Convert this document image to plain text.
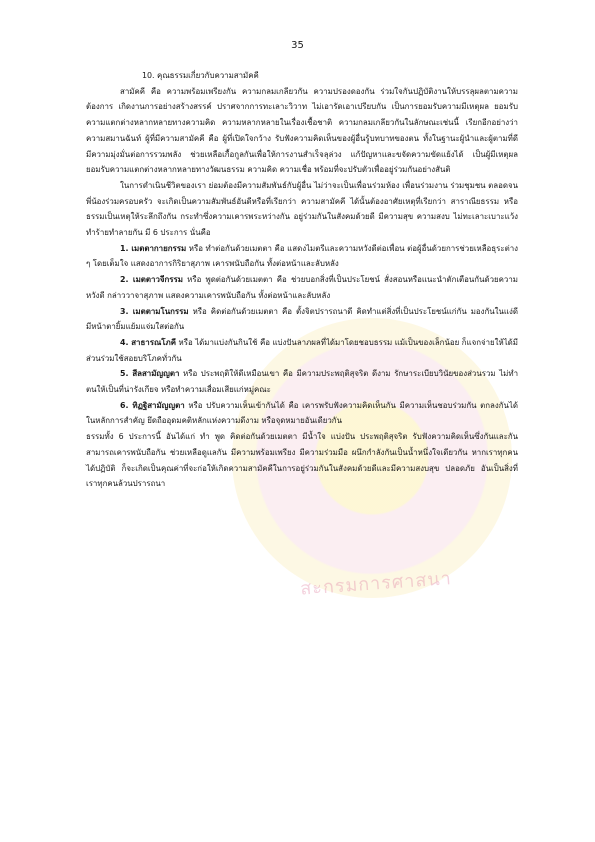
สะกรมการศาสนา
35

10. คุณธรรมเกี่ยวกับความสามัคคี

สามัคคี คือ ความพร้อมเพรียงกัน ความกลมเกลียวกัน ความปรองดองกัน ร่วมใจกันปฏิบัติงานให้บรรลุผลตามความต้องการ เกิดงานการอย่างสร้างสรรค์ ปราศจากการทะเลาะวิวาท ไม่เอารัดเอาเปรียบกัน เป็นการยอมรับความมีเหตุผล ยอมรับความแตกต่างหลากหลายทางความคิด ความหลากหลายในเรื่องเชื้อชาติ ความกลมเกลียวกันในลักษณะเช่นนี้ เรียกอีกอย่างว่าความสมานฉันท์ ผู้ที่มีความสามัคคี คือ ผู้ที่เปิดใจกว้าง รับฟังความคิดเห็นของผู้อื่นรู้บทบาทของตน ทั้งในฐานะผู้นำและผู้ตามที่ดี มีความมุ่งมั่นต่อการรวมพลัง ช่วยเหลือเกื้อกูลกันเพื่อให้การงานสำเร็จลุล่วง แก้ปัญหาและขจัดความขัดแย้งได้ เป็นผู้มีเหตุผล ยอมรับความแตกต่างหลากหลายทางวัฒนธรรม ความคิด ความเชื่อ พร้อมที่จะปรับตัวเพื่ออยู่ร่วมกันอย่างสันติ

ในการดำเนินชีวิตของเรา ย่อมต้องมีความสัมพันธ์กับผู้อื่น ไม่ว่าจะเป็นเพื่อนร่วมห้อง เพื่อนร่วมงาน ร่วมชุมชน ตลอดจนพี่น้องร่วมครอบครัว จะเกิดเป็นความสัมพันธ์อันดีหรือที่เรียกว่า ความสามัคคี ได้นั้นต้องอาศัยเหตุที่เรียกว่า สาราณียธรรม หรือธรรมเป็นเหตุให้ระลึกถึงกัน กระทำซึ่งความเคารพระหว่างกัน อยู่ร่วมกันในสังคมด้วยดี มีความสุข ความสงบ ไม่ทะเลาะเบาะแว้ง ทำร้ายทำลายกัน มี 6 ประการ นั่นคือ

1. เมตตากายกรรม หรือ ทำต่อกันด้วยเมตตา คือ แสดงไมตรีและความหวังดีต่อเพื่อน ต่อผู้อื่นด้วยการช่วยเหลือธุระต่าง ๆ โดยเต็มใจ แสดงอาการกิริยาสุภาพ เคารพนับถือกัน ทั้งต่อหน้าและลับหลัง

2. เมตตาวจีกรรม หรือ พูดต่อกันด้วยเมตตา คือ ช่วยบอกสิ่งที่เป็นประโยชน์ สั่งสอนหรือแนะนำตักเตือนกันด้วยความหวังดี กล่าววาจาสุภาพ แสดงความเคารพนับถือกัน ทั้งต่อหน้าและลับหลัง

3. เมตตามโนกรรม หรือ คิดต่อกันด้วยเมตตา คือ ตั้งจิตปรารถนาดี คิดทำแต่สิ่งที่เป็นประโยชน์แก่กัน มองกันในแง่ดี มีหน้าตายิ้มแย้มแจ่มใสต่อกัน

4. สาธารณโภคี หรือ ได้มาแบ่งกันกินใช้ คือ แบ่งปันลาภผลที่ได้มาโดยชอบธรรม แม้เป็นของเล็กน้อย ก็แจกจ่ายให้ได้มีส่วนร่วมใช้สอยบริโภคทั่วกัน

5. สีลสามัญญตา หรือ ประพฤติให้ดีเหมือนเขา คือ มีความประพฤติสุจริต ดีงาม รักษาระเบียบวินัยของส่วนรวม ไม่ทำตนให้เป็นที่น่ารังเกียจ หรือทำความเสื่อมเสียแก่หมู่คณะ

6. ทิฏฐิสามัญญตา หรือ ปรับความเห็นเข้ากันได้ คือ เคารพรับฟังความคิดเห็นกัน มีความเห็นชอบร่วมกัน ตกลงกันได้ในหลักการสำคัญ ยึดถืออุดมคติหลักแห่งความดีงาม หรือจุดหมายอันเดียวกัน

ธรรมทั้ง 6 ประการนี้ อันได้แก่ ทำ พูด คิดต่อกันด้วยเมตตา มีน้ำใจ แบ่งปัน ประพฤติสุจริต รับฟังความคิดเห็นซึ่งกันและกัน สามารถเคารพนับถือกัน ช่วยเหลือดูแลกัน มีความพร้อมเพรียง มีความร่วมมือ ผนึกกำลังกันเป็นน้ำหนึ่งใจเดียวกัน หากเราทุกคนได้ปฏิบัติ ก็จะเกิดเป็นคุณค่าที่จะก่อให้เกิดความสามัคคีในการอยู่ร่วมกันในสังคมด้วยดีและมีความสงบสุข ปลอดภัย อันเป็นสิ่งที่เราทุกคนล้วนปรารถนา
